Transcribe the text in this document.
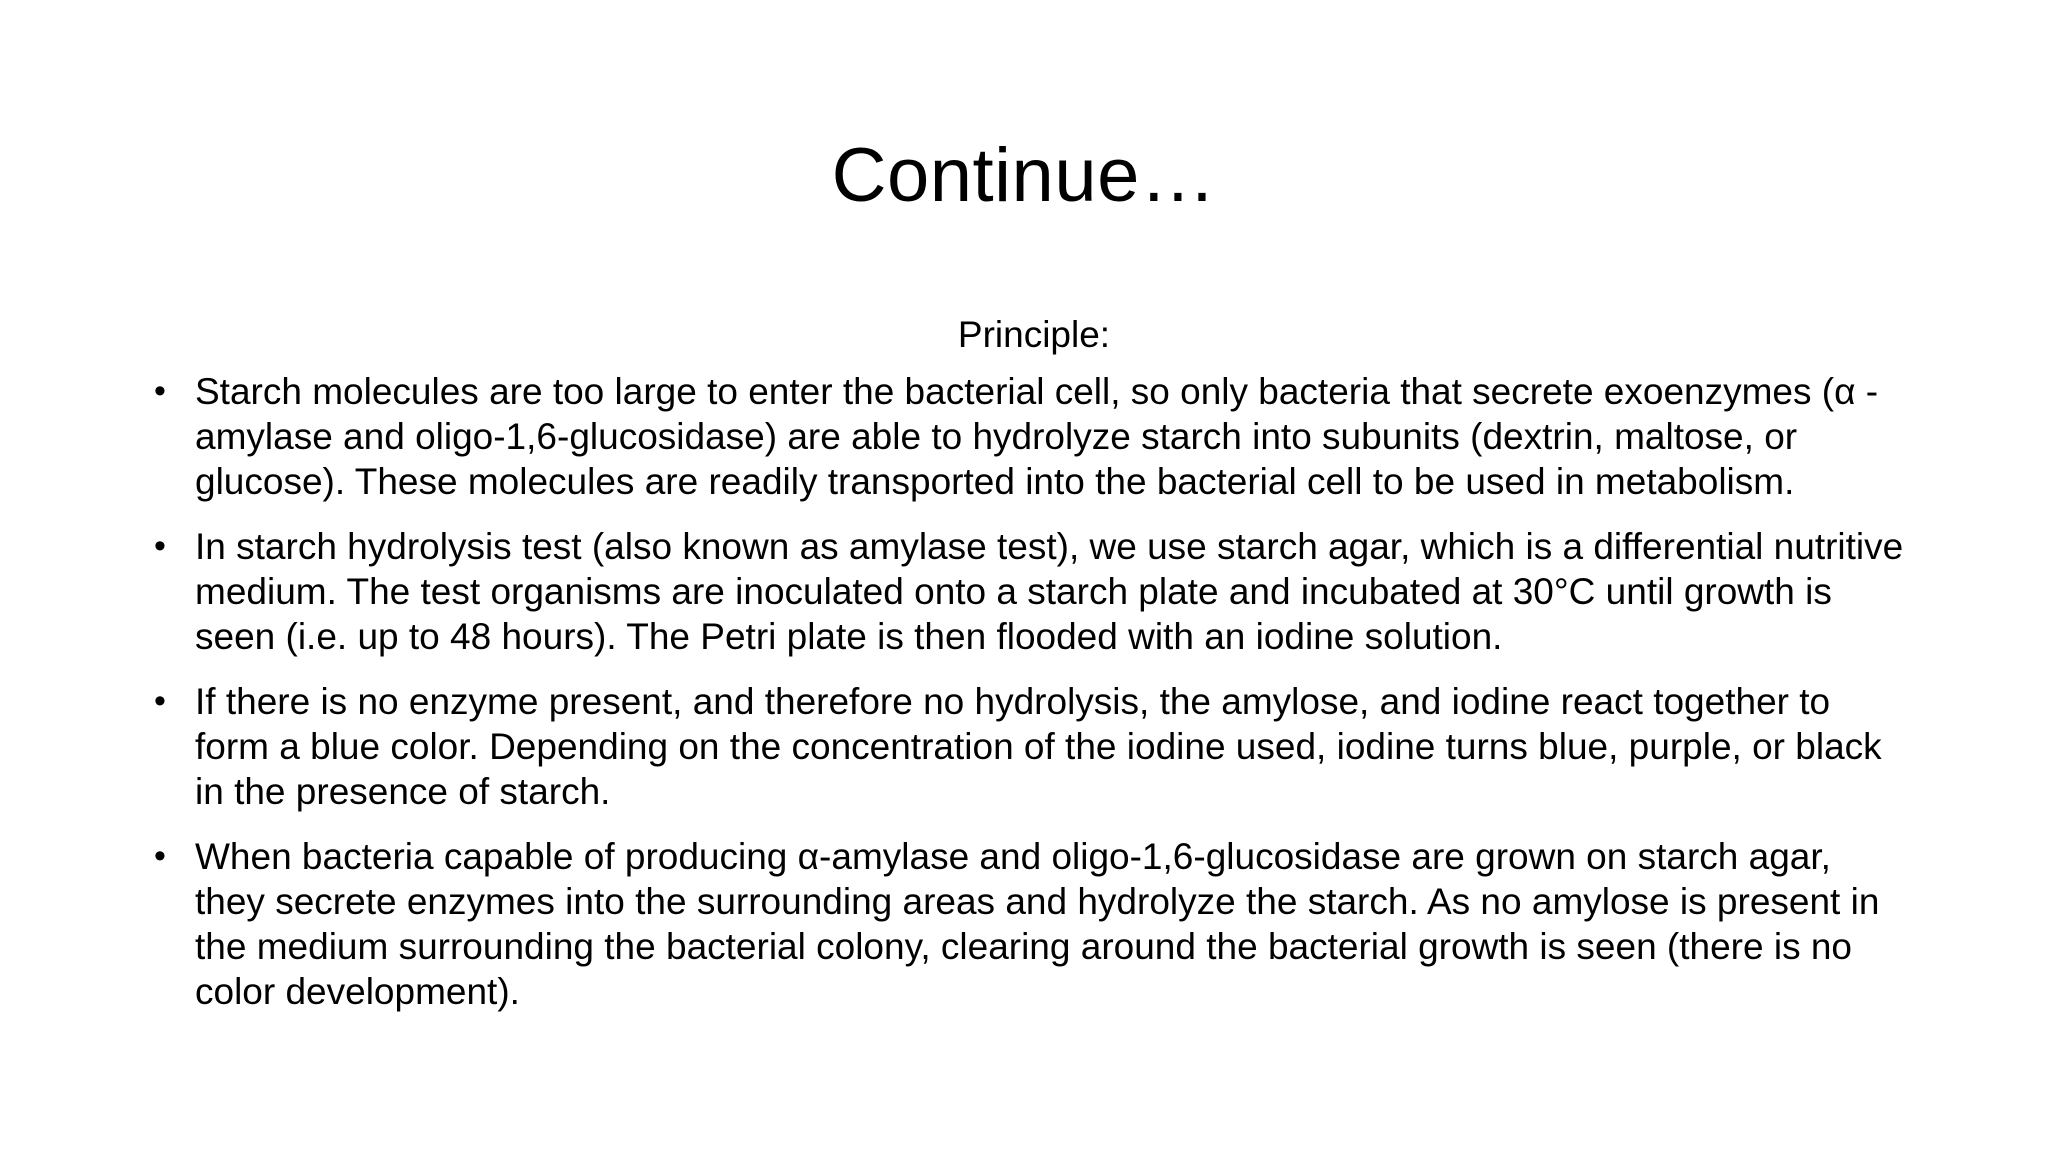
Continue…
Principle:
• Starch molecules are too large to enter the bacterial cell, so only bacteria that secrete exoenzymes (α -amylase and oligo-1,6-glucosidase) are able to hydrolyze starch into subunits (dextrin, maltose, or glucose). These molecules are readily transported into the bacterial cell to be used in metabolism.
• In starch hydrolysis test (also known as amylase test), we use starch agar, which is a differential nutritive medium. The test organisms are inoculated onto a starch plate and incubated at 30°C until growth is seen (i.e. up to 48 hours). The Petri plate is then flooded with an iodine solution.
• If there is no enzyme present, and therefore no hydrolysis, the amylose, and iodine react together to form a blue color. Depending on the concentration of the iodine used, iodine turns blue, purple, or black in the presence of starch.
• When bacteria capable of producing α-amylase and oligo-1,6-glucosidase are grown on starch agar, they secrete enzymes into the surrounding areas and hydrolyze the starch. As no amylose is present in the medium surrounding the bacterial colony, clearing around the bacterial growth is seen (there is no color development).
